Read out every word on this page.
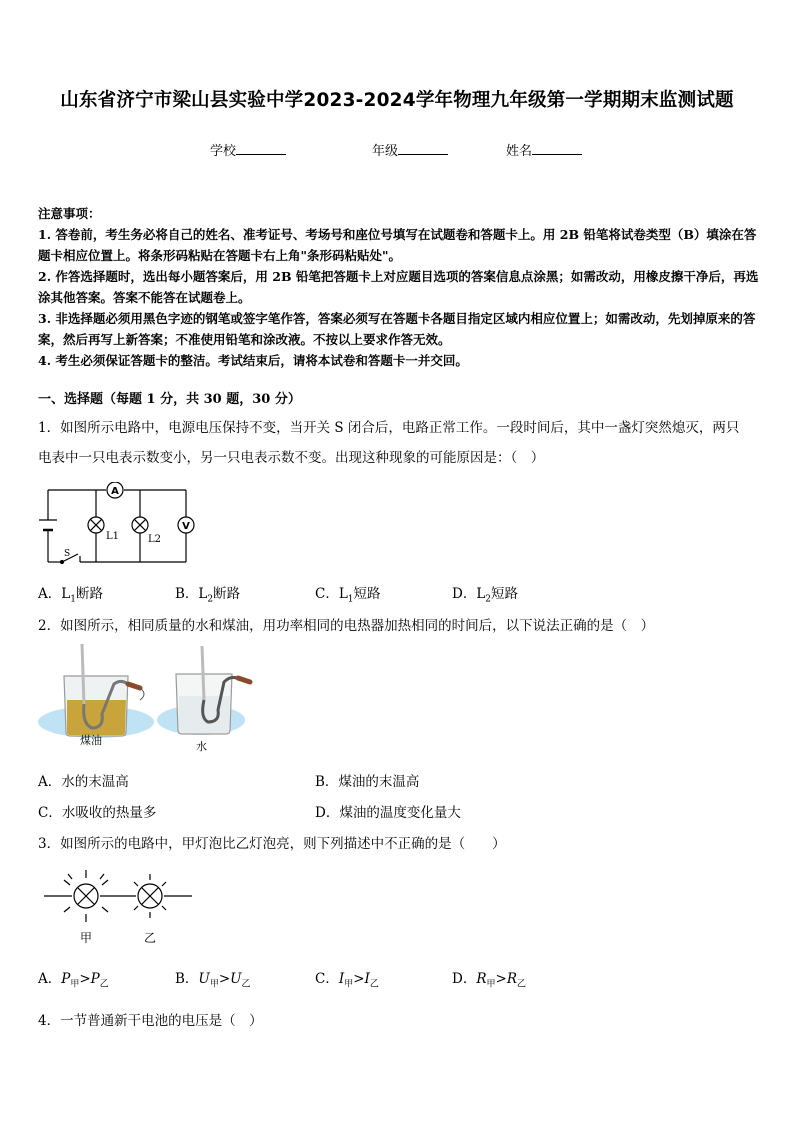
山东省济宁市梁山县实验中学2023-2024学年物理九年级第一学期期末监测试题
学校	年级	姓名

注意事项：

1. 答卷前，考生务必将自己的姓名、准考证号、考场号和座位号填写在试题卷和答题卡上。用 2B 铅笔将试卷类型（B）填涂在答题卡相应位置上。将条形码粘贴在答题卡右上角"条形码粘贴处"。

2. 作答选择题时，选出每小题答案后，用 2B 铅笔把答题卡上对应题目选项的答案信息点涂黑；如需改动，用橡皮擦干净后，再选涂其他答案。答案不能答在试题卷上。

3. 非选择题必须用黑色字迹的钢笔或签字笔作答，答案必须写在答题卡各题目指定区域内相应位置上；如需改动，先划掉原来的答案，然后再写上新答案；不准使用铅笔和涂改液。不按以上要求作答无效。

4. 考生必须保证答题卡的整洁。考试结束后，请将本试卷和答题卡一并交回。

一、选择题（每题 1 分，共 30 题，30 分）
1．如图所示电路中，电源电压保持不变，当开关 S 闭合后，电路正常工作。一段时间后，其中一盏灯突然熄灭，两只
电表中一只电表示数变小，另一只电表示数不变。出现这种现象的可能原因是：（　）
A
V
L1	L2
S
A．$L_1$断路	B．$L_2$断路	C．$L_1$短路	D．$L_2$短路
2．如图所示，相同质量的水和煤油，用功率相同的电热器加热相同的时间后，以下说法正确的是（　）
煤油	水
A．水的末温高	B．煤油的末温高
C．水吸收的热量多	D．煤油的温度变化量大
3．如图所示的电路中，甲灯泡比乙灯泡亮，则下列描述中不正确的是（　　）
甲	乙
A．$P_甲>P_乙$	B．$U_甲>U_乙$	C．$I_甲>I_乙$	D．$R_甲>R_乙$
4．一节普通新干电池的电压是（　）
